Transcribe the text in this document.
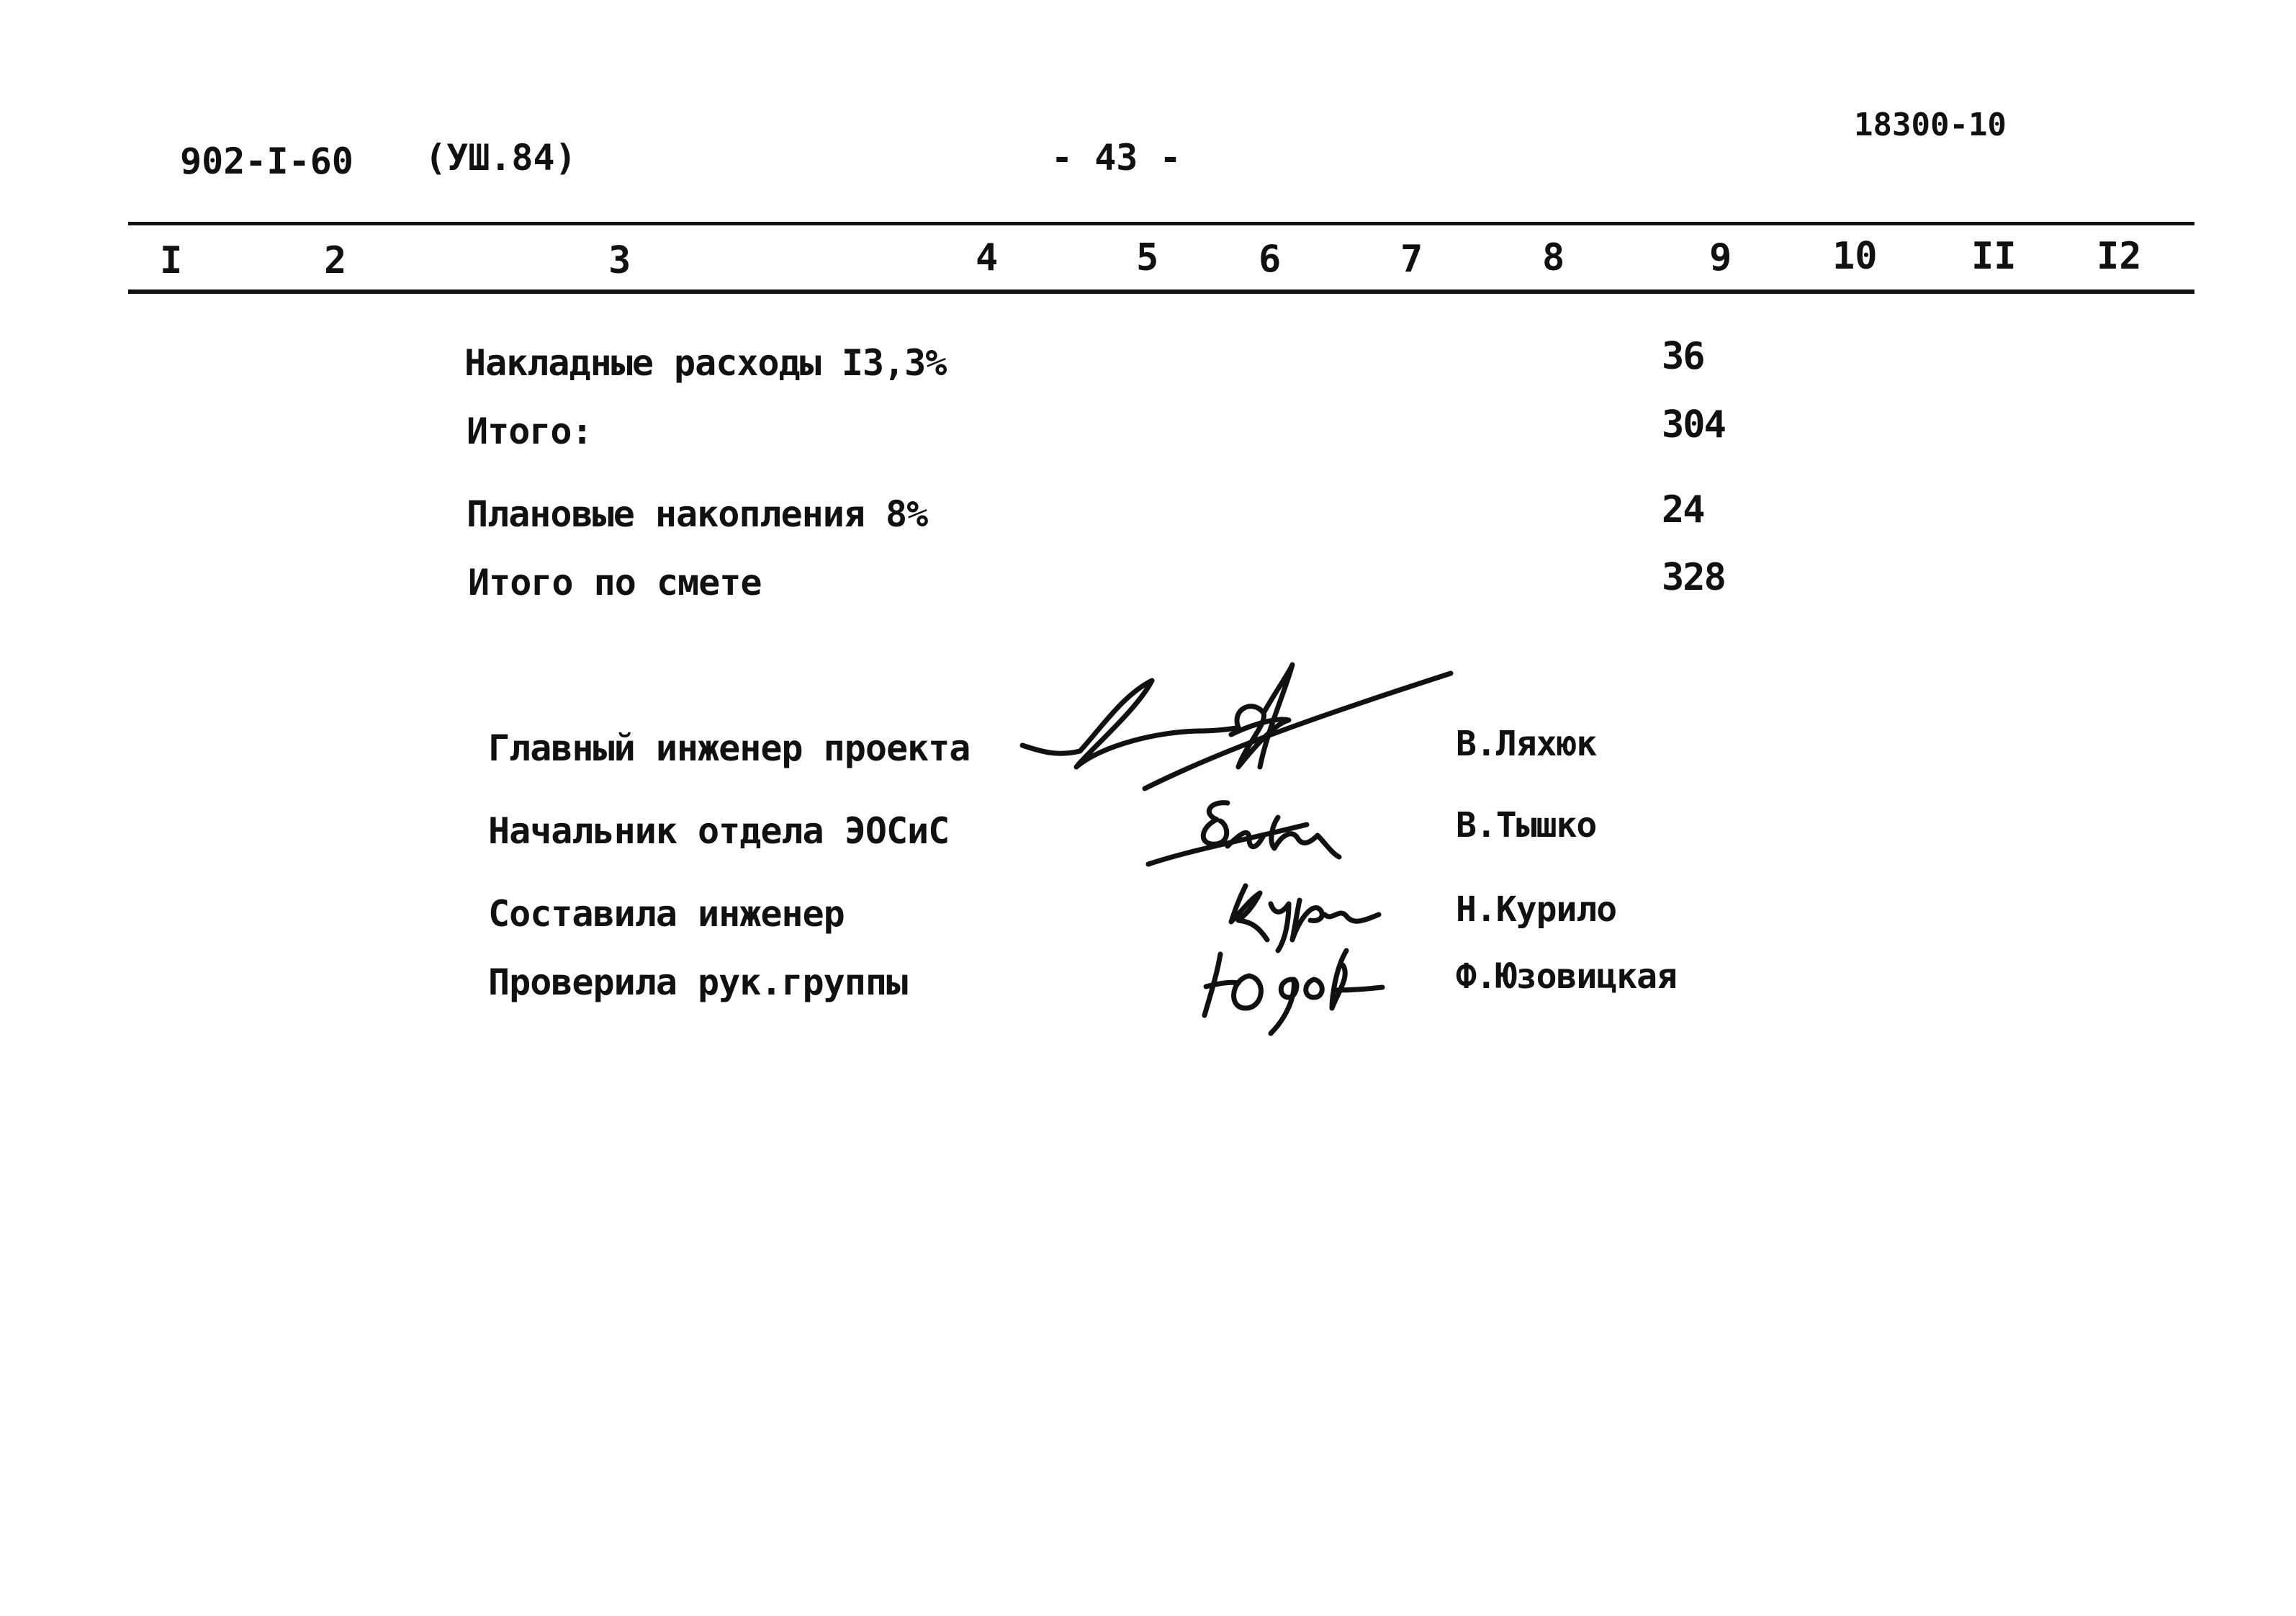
902-I-60 (УШ.84)	- 43 -
18300-10
I	2	3	4	5	6	7	8	9	10	II I2
Накладные расходы I3,3%	36
Итого:	304
Плановые накопления 8%	24
Итого по смете	328
Главный инженер проекта	В.Ляхюк
Начальник отдела ЭОСиС	В.Тышко
Составила инженер	Н.Курило
Проверила рук.группы	Ф.Юзовицкая
